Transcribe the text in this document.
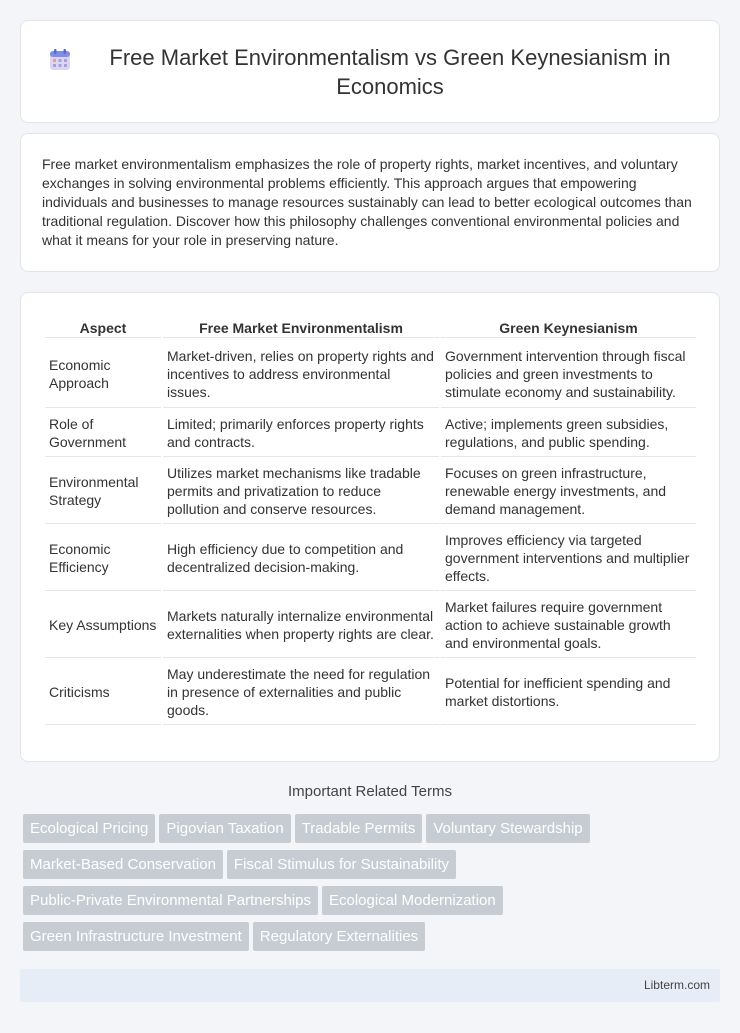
Free Market Environmentalism vs Green Keynesianism in Economics

Free market environmentalism emphasizes the role of property rights, market incentives, and voluntary exchanges in solving environmental problems efficiently. This approach argues that empowering individuals and businesses to manage resources sustainably can lead to better ecological outcomes than traditional regulation. Discover how this philosophy challenges conventional environmental policies and what it means for your role in preserving nature.

Aspect	Free Market Environmentalism	Green Keynesianism
Economic Approach	Market-driven, relies on property rights and incentives to address environmental issues.	Government intervention through fiscal policies and green investments to stimulate economy and sustainability.
Role of Government	Limited; primarily enforces property rights and contracts.	Active; implements green subsidies, regulations, and public spending.
Environmental Strategy	Utilizes market mechanisms like tradable permits and privatization to reduce pollution and conserve resources.	Focuses on green infrastructure, renewable energy investments, and demand management.
Economic Efficiency	High efficiency due to competition and decentralized decision-making.	Improves efficiency via targeted government interventions and multiplier effects.
Key Assumptions	Markets naturally internalize environmental externalities when property rights are clear.	Market failures require government action to achieve sustainable growth and environmental goals.
Criticisms	May underestimate the need for regulation in presence of externalities and public goods.	Potential for inefficient spending and market distortions.
Important Related Terms
Ecological Pricing Pigovian Taxation Tradable Permits Voluntary Stewardship
Market-Based Conservation Fiscal Stimulus for Sustainability
Public-Private Environmental Partnerships Ecological Modernization
Green Infrastructure Investment Regulatory Externalities
Libterm.com
